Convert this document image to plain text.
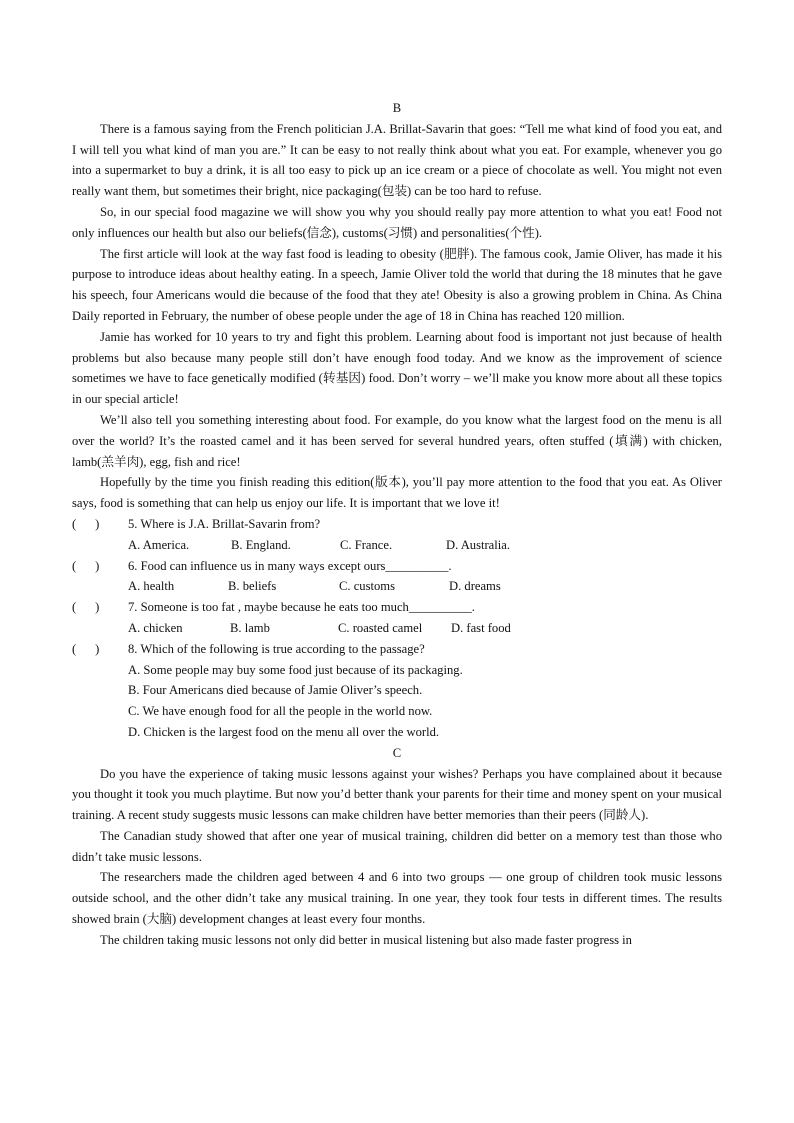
B

There is a famous saying from the French politician J.A. Brillat-Savarin that goes: “Tell me what kind of food you eat, and I will tell you what kind of man you are.” It can be easy to not really think about what you eat. For example, whenever you go into a supermarket to buy a drink, it is all too easy to pick up an ice cream or a piece of chocolate as well. You might not even really want them, but sometimes their bright, nice packaging(包装) can be too hard to refuse.

So, in our special food magazine we will show you why you should really pay more attention to what you eat! Food not only influences our health but also our beliefs(信念), customs(习惯) and personalities(个性).

The first article will look at the way fast food is leading to obesity (肥胖). The famous cook, Jamie Oliver, has made it his purpose to introduce ideas about healthy eating. In a speech, Jamie Oliver told the world that during the 18 minutes that he gave his speech, four Americans would die because of the food that they ate! Obesity is also a growing problem in China. As China Daily reported in February, the number of obese people under the age of 18 in China has reached 120 million.

Jamie has worked for 10 years to try and fight this problem. Learning about food is important not just because of health problems but also because many people still don’t have enough food today. And we know as the improvement of science sometimes we have to face genetically modified (转基因) food. Don’t worry – we’ll make you know more about all these topics in our special article!

We’ll also tell you something interesting about food. For example, do you know what the largest food on the menu is all over the world? It’s the roasted camel and it has been served for several hundred years, often stuffed (填满) with chicken, lamb(羔羊肉), egg, fish and rice!

Hopefully by the time you finish reading this edition(版本), you’ll pay more attention to the food that you eat. As Oliver says, food is something that can help us enjoy our life. It is important that we love it!

(      )	5. Where is J.A. Brillat-Savarin from?
A. America.	B. England.	C. France.	D. Australia.
(      )	6. Food can influence us in many ways except ours__________.
A. health	B. beliefs	C. customs	D. dreams
(      )	7. Someone is too fat , maybe because he eats too much__________.
A. chicken	B. lamb	C. roasted camel	D. fast food
(      )	8. Which of the following is true according to the passage?
A. Some people may buy some food just because of its packaging.
B. Four Americans died because of Jamie Oliver’s speech.
C. We have enough food for all the people in the world now.
D. Chicken is the largest food on the menu all over the world.
C

Do you have the experience of taking music lessons against your wishes? Perhaps you have complained about it because you thought it took you much playtime. But now you’d better thank your parents for their time and money spent on your musical training. A recent study suggests music lessons can make children have better memories than their peers (同龄人).

The Canadian study showed that after one year of musical training, children did better on a memory test than those who didn’t take music lessons.

The researchers made the children aged between 4 and 6 into two groups — one group of children took music lessons outside school, and the other didn’t take any musical training. In one year, they took four tests in different times. The results showed brain (大脑) development changes at least every four months.

The children taking music lessons not only did better in musical listening but also made faster progress in
